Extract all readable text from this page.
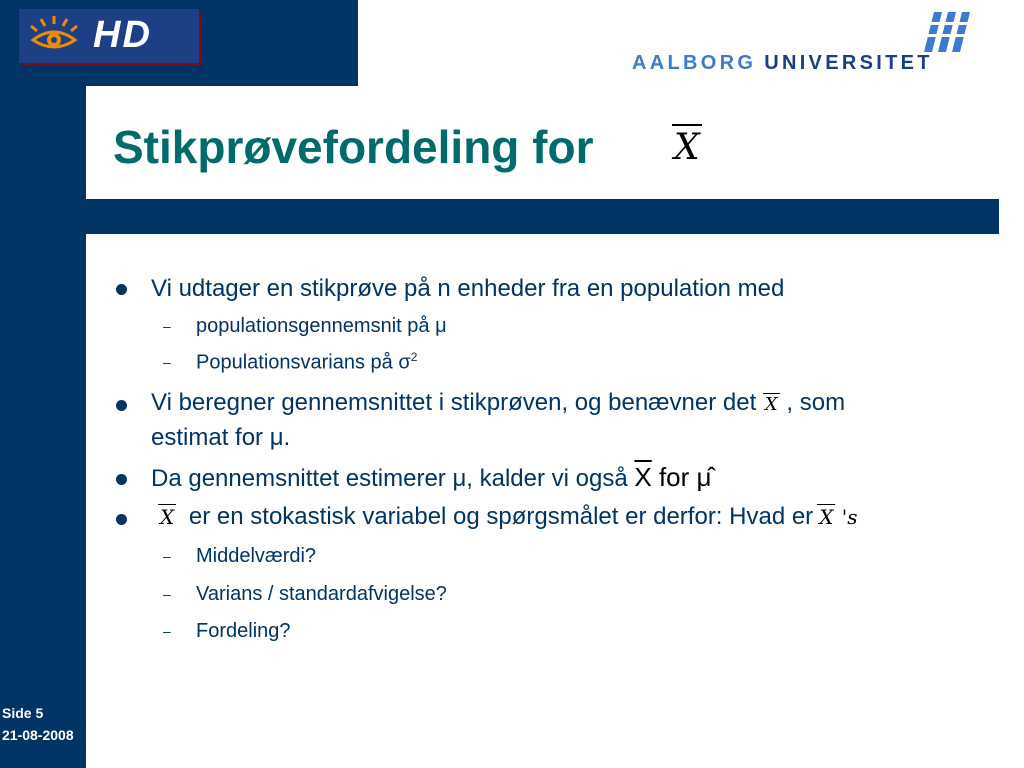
HD
AALBORG UNIVERSITET
Stikprøvefordeling for X
Vi udtager en stikprøve på n enheder fra en population med
– populationsgennemsnit på μ
– Populationsvarians på $\sigma^2$
Vi beregner gennemsnittet i stikprøven, og benævner det X , som
estimat for μ.
Da gennemsnittet estimerer μ, kalder vi også $\overline{X}$ for μ̂
X er en stokastisk variabel og spørgsmålet er derfor: Hvad er X 's
– Middelværdi?
– Varians / standardafvigelse?
– Fordeling?
Side 5
21-08-2008
